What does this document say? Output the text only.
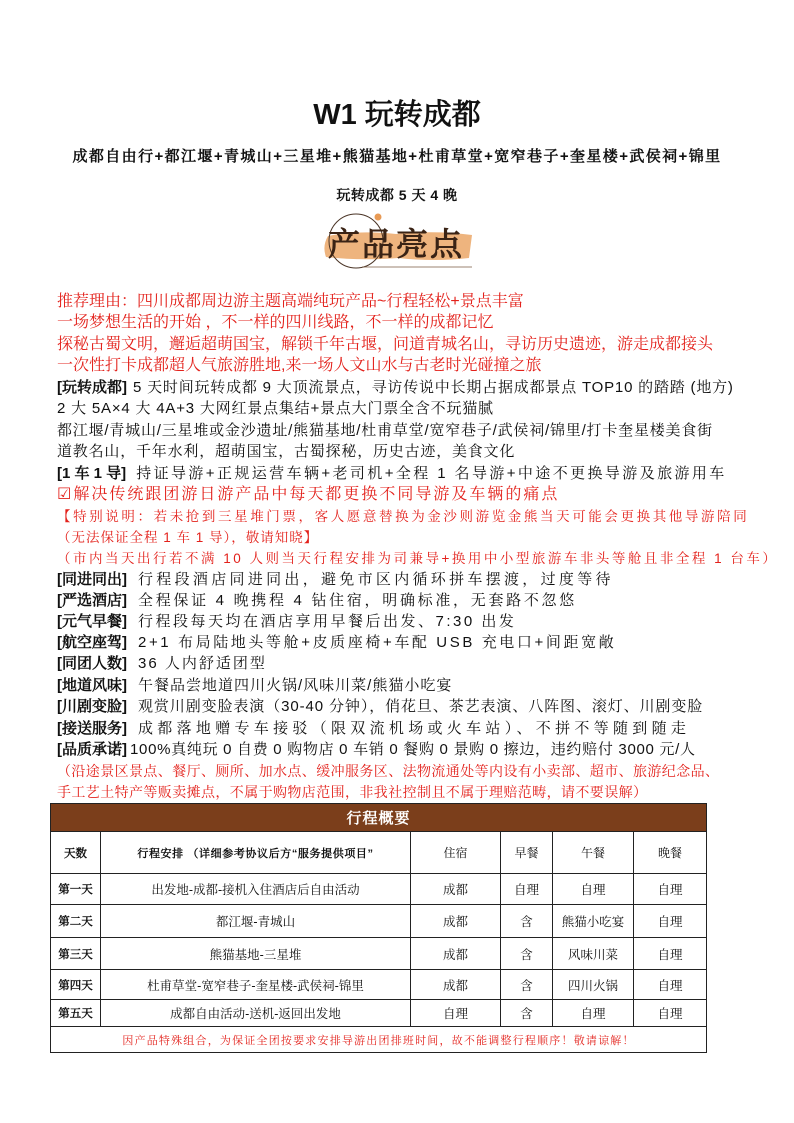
W1 玩转成都
成都自由行+都江堰+青城山+三星堆+熊猫基地+杜甫草堂+宽窄巷子+奎星楼+武侯祠+锦里
玩转成都 5 天 4 晚
产品亮点
推荐理由：四川成都周边游主题高端纯玩产品~行程轻松+景点丰富
一场梦想生活的开始 ，不一样的四川线路，不一样的成都记忆
探秘古蜀文明，邂逅超萌国宝，解锁千年古堰，问道青城名山，寻访历史遗迹，游走成都接头
一次性打卡成都超人气旅游胜地,来一场人文山水与古老时光碰撞之旅
[玩转成都] 5 天时间玩转成都 9 大顶流景点，寻访传说中长期占据成都景点 TOP10 的踏踏 (地方)
2 大 5A×4 大 4A+3 大网红景点集结+景点大门票全含不玩猫腻
都江堰/青城山/三星堆或金沙遗址/熊猫基地/杜甫草堂/宽窄巷子/武侯祠/锦里/打卡奎星楼美食街
道教名山，千年水利，超萌国宝，古蜀探秘，历史古迹，美食文化
[1 车 1 导] 持证导游+正规运营车辆+老司机+全程 1 名导游+中途不更换导游及旅游用车
☑解决传统跟团游日游产品中每天都更换不同导游及车辆的痛点
【特别说明：若未抢到三星堆门票，客人愿意替换为金沙则游览金熊当天可能会更换其他导游陪同
（无法保证全程 1 车 1 导），敬请知晓】
（市内当天出行若不满 10 人则当天行程安排为司兼导+换用中小型旅游车非头等舱且非全程 1 台车）
[同进同出] 行程段酒店同进同出，避免市区内循环拼车摆渡，过度等待
[严选酒店] 全程保证 4 晚携程 4 钻住宿，明确标准，无套路不忽悠
[元气早餐] 行程段每天均在酒店享用早餐后出发、7:30 出发
[航空座驾] 2+1 布局陆地头等舱+皮质座椅+车配 USB 充电口+间距宽敞
[同团人数] 36 人内舒适团型
[地道风味] 午餐品尝地道四川火锅/风味川菜/熊猫小吃宴
[川剧变脸] 观赏川剧变脸表演（30-40 分钟），俏花旦、茶艺表演、八阵图、滚灯、川剧变脸
[接送服务] 成都落地赠专车接驳（限双流机场或火车站）、不拼不等随到随走
[品质承诺] 100%真纯玩 0 自费 0 购物店 0 车销 0 餐购 0 景购 0 擦边，违约赔付 3000 元/人
（沿途景区景点、餐厅、厕所、加水点、缓冲服务区、法物流通处等内设有小卖部、超市、旅游纪念品、
手工艺土特产等贩卖摊点，不属于购物店范围，非我社控制且不属于理赔范畴，请不要误解）
行程概要					
天数	行程安排 （详细参考协议后方“服务提供项目”	住宿	早餐	午餐	晚餐
第一天	出发地-成都-接机入住酒店后自由活动	成都	自理	自理	自理
第二天	都江堰-青城山	成都	含	熊猫小吃宴	自理
第三天	熊猫基地-三星堆	成都	含	风味川菜	自理
第四天	杜甫草堂-宽窄巷子-奎星楼-武侯祠-锦里	成都	含	四川火锅	自理
第五天	成都自由活动-送机-返回出发地	自理	含	自理	自理
因产品特殊组合，为保证全团按要求安排导游出团排班时间，故不能调整行程顺序！敬请谅解！					
